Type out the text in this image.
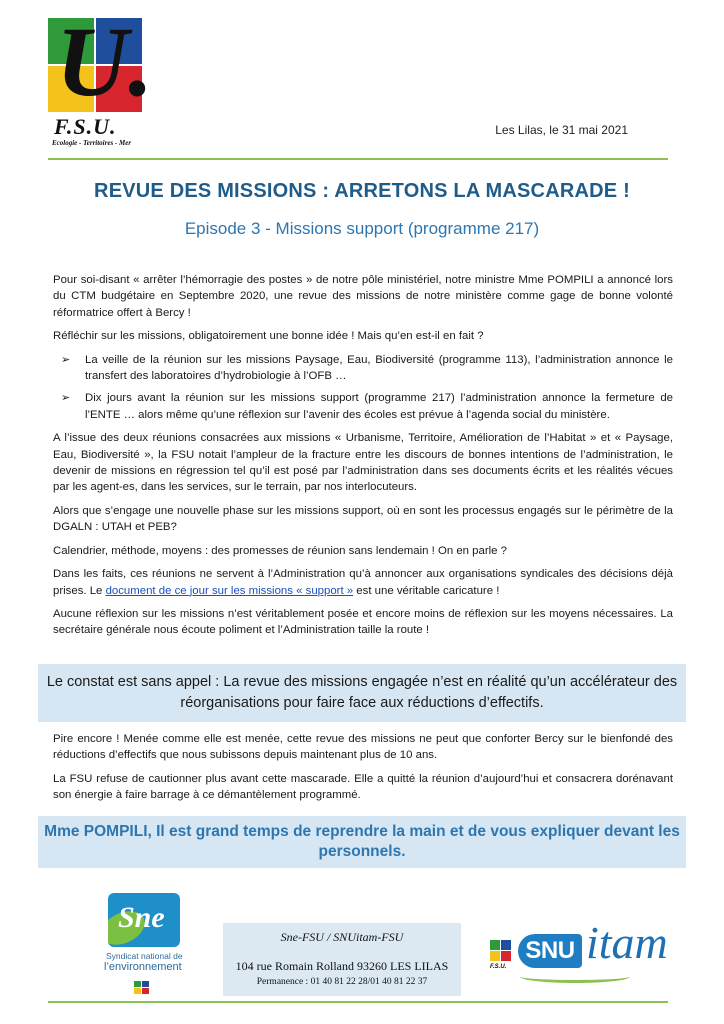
U.
F.S.U.
Ecologie - Territoires - Mer
Les Lilas, le 31 mai 2021
REVUE DES MISSIONS : ARRETONS LA MASCARADE !
Episode 3 - Missions support (programme 217)

Pour soi-disant « arrêter l’hémorragie des postes » de notre pôle ministériel, notre ministre Mme POMPILI a annoncé lors du CTM budgétaire en Septembre 2020, une revue des missions de notre ministère comme gage de bonne volonté réformatrice offert à Bercy !

Réfléchir sur les missions, obligatoirement une bonne idée ! Mais qu’en est-il en fait ?

➢ La veille de la réunion sur les missions Paysage, Eau, Biodiversité (programme 113), l’administration annonce le transfert des laboratoires d’hydrobiologie à l’OFB …
➢ Dix jours avant la réunion sur les missions support (programme 217) l’administration annonce la fermeture de l’ENTE … alors même qu’une réflexion sur l’avenir des écoles est prévue à l’agenda social du ministère.

A l’issue des deux réunions consacrées aux missions « Urbanisme, Territoire, Amélioration de l’Habitat » et « Paysage, Eau, Biodiversité », la FSU notait l’ampleur de la fracture entre les discours de bonnes intentions de l’administration, le devenir de missions en régression tel qu’il est posé par l’administration dans ses documents écrits et les réalités vécues par les agent-es, dans les services, sur le terrain, par nos interlocuteurs.

Alors que s’engage une nouvelle phase sur les missions support, où en sont les processus engagés sur le périmètre de la DGALN : UTAH et PEB?

Calendrier, méthode, moyens : des promesses de réunion sans lendemain ! On en parle ?

Dans les faits, ces réunions ne servent à l’Administration qu’à annoncer aux organisations syndicales des décisions déjà prises. Le document de ce jour sur les missions « support » est une véritable caricature !

Aucune réflexion sur les missions n’est véritablement posée et encore moins de réflexion sur les moyens nécessaires. La secrétaire générale nous écoute poliment et l’Administration taille la route !

Le constat est sans appel : La revue des missions engagée n’est en réalité qu’un accélérateur des réorganisations pour faire face aux réductions d’effectifs.

Pire encore ! Menée comme elle est menée, cette revue des missions ne peut que conforter Bercy sur le bienfondé des réductions d’effectifs que nous subissons depuis maintenant plus de 10 ans.

La FSU refuse de cautionner plus avant cette mascarade. Elle a quitté la réunion d’aujourd’hui et consacrera dorénavant son énergie à faire barrage à ce démantèlement programmé.

Mme POMPILI, Il est grand temps de reprendre la main et de vous expliquer devant les personnels.
Sne
Syndicat national de
l’environnement
Sne-FSU / SNUitam-FSU
104 rue Romain Rolland 93260 LES LILAS
Permanence : 01 40 81 22 28/01 40 81 22 37
F.S.U.
SNU itam
